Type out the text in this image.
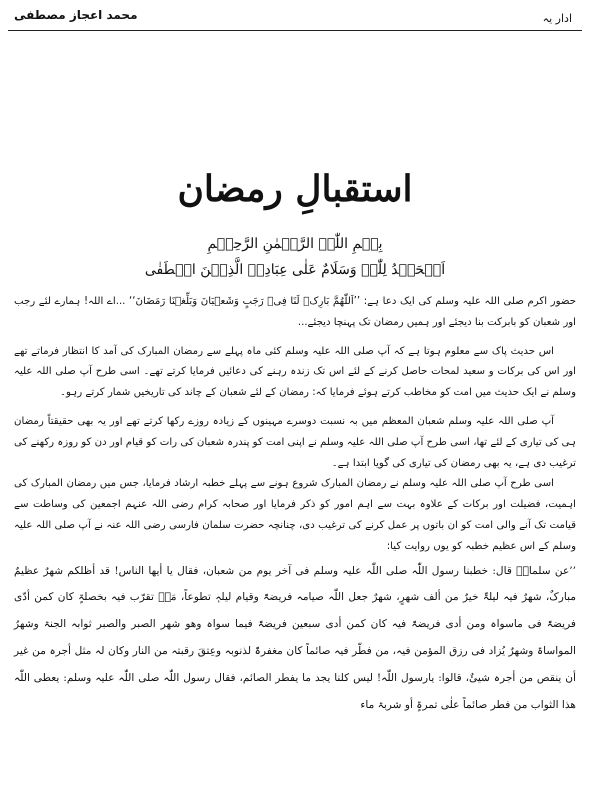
محمد اعجاز مصطفی	ادار یہ
استقبالِ رمضان
بِسۡمِ اللّٰہِ الرَّحۡمٰنِ الرَّحِیۡمِ
اَلۡحَمۡدُ لِلّٰہِ وَسَلَامٌ عَلٰی عِبَادِہِ الَّذِیۡنَ اصۡطَفٰی

حضور اکرم صلی اللہ علیہ وسلم کی ایک دعا ہے: ’’اَللّٰھُمَّ بَارِکۡ لَنَا فِیۡ رَجَبٍ وَشَعۡبَانَ وَبَلِّغۡنَا رَمَضَانَ‘‘ ...اے اللہ! ہمارے لئے رجب اور شعبان کو بابرکت بنا دیجئے اور ہمیں رمضان تک پہنچا دیجئے...

اس حدیث پاک سے معلوم ہوتا ہے کہ آپ صلی اللہ علیہ وسلم کئی ماہ پہلے سے رمضان المبارک کی آمد کا انتظار فرماتے تھے اور اس کی برکات و سعید لمحات حاصل کرنے کے لئے اس تک زندہ رہنے کی دعائیں فرمایا کرتے تھے۔ اسی طرح آپ صلی اللہ علیہ وسلم نے ایک حدیث میں امت کو مخاطب کرتے ہوئے فرمایا کہ: رمضان کے لئے شعبان کے چاند کی تاریخیں شمار کرتے رہو۔

آپ صلی اللہ علیہ وسلم شعبان المعظم میں بہ نسبت دوسرے مہینوں کے زیادہ روزے رکھا کرتے تھے اور یہ بھی حقیقتاً رمضان ہی کی تیاری کے لئے تھا، اسی طرح آپ صلی اللہ علیہ وسلم نے اپنی امت کو پندرہ شعبان کی رات کو قیام اور دن کو روزہ رکھنے کی ترغیب دی ہے، یہ بھی رمضان کی تیاری کی گویا ابتدا ہے۔

اسی طرح آپ صلی اللہ علیہ وسلم نے رمضان المبارک شروع ہونے سے پہلے خطبہ ارشاد فرمایا، جس میں رمضان المبارک کی اہمیت، فضیلت اور برکات کے علاوہ بہت سے اہم امور کو ذکر فرمایا اور صحابہ کرام رضی اللہ عنہم اجمعین کی وساطت سے قیامت تک آنے والی امت کو ان باتوں پر عمل کرنے کی ترغیب دی، چنانچہ حضرت سلمان فارسی رضی اللہ عنہ نے آپ صلی اللہ علیہ وسلم کے اس عظیم خطبہ کو یوں روایت کیا:

’’عن سلمانؓ قال: خطبنا رسول اللّٰہ صلی اللّٰہ علیہ وسلم فی آخر یوم من شعبان، فقال یا أیھا الناس! قد أظلکم شھرٌ عظیمٌ مبارکٌ، شھرٌ فیہ لیلۃٌ خیرٌ من ألف شھرٍ، شھرٌ جعل اللّٰہ صیامہ فریضۃً وقیام لیلہٖ تطوعاً، مَنۡ تقرّب فیہ بخصلۃٍ کان کمن أدّی فریضۃً فی ماسواہ ومن أدی فریضۃً فیہ کان کمن أدی سبعین فریضۃً فیما سواہ وھو شھر الصبر والصبر ثوابہ الجنۃ وشھرُ المواساۃ وشھرٌ یُزاد فی رزق المؤمن فیہ، من فطّر فیہ صائماً کان مغفرۃً لذنوبہ وعِتقَ رقبتہ من النار وکان لہ مثل أجرہ من غیر أن ینقص من أجرہ شیئٌ، قالوا: یارسول اللّٰہ! لیس کلنا یجد ما یفطر الصائم، فقال رسول اللّٰہ صلی اللّٰہ علیہ وسلم: یعطی اللّٰہ ھذا الثواب من فطر صائماً علٰی تمرۃٍ أو شربۃ ماء
